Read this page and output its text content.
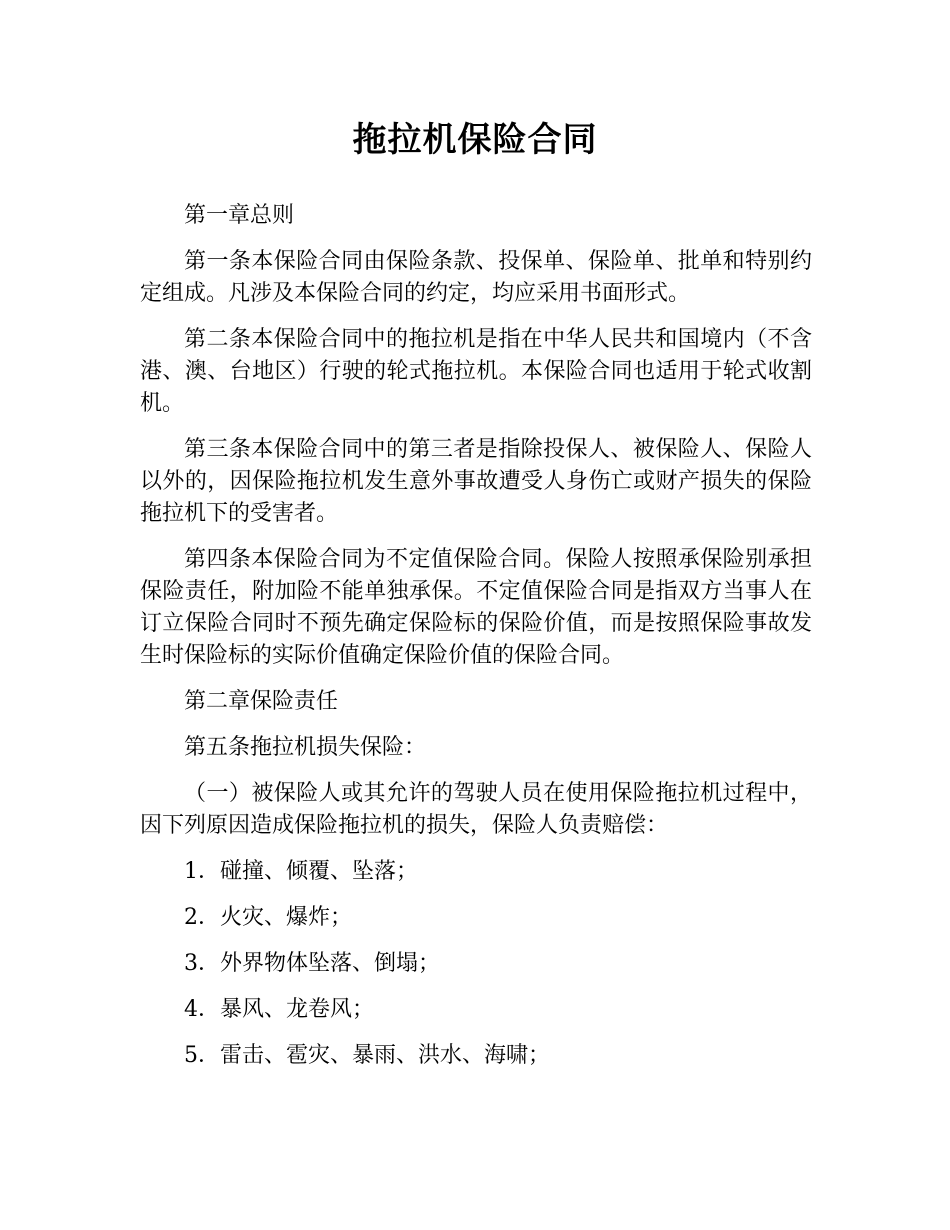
拖拉机保险合同

第一章总则

第一条本保险合同由保险条款、投保单、保险单、批单和特别约定组成。凡涉及本保险合同的约定，均应采用书面形式。

第二条本保险合同中的拖拉机是指在中华人民共和国境内（不含港、澳、台地区）行驶的轮式拖拉机。本保险合同也适用于轮式收割机。

第三条本保险合同中的第三者是指除投保人、被保险人、保险人以外的，因保险拖拉机发生意外事故遭受人身伤亡或财产损失的保险拖拉机下的受害者。

第四条本保险合同为不定值保险合同。保险人按照承保险别承担保险责任，附加险不能单独承保。不定值保险合同是指双方当事人在订立保险合同时不预先确定保险标的保险价值，而是按照保险事故发生时保险标的实际价值确定保险价值的保险合同。

第二章保险责任

第五条拖拉机损失保险：

（一）被保险人或其允许的驾驶人员在使用保险拖拉机过程中，因下列原因造成保险拖拉机的损失，保险人负责赔偿：

1．碰撞、倾覆、坠落；

2．火灾、爆炸；

3．外界物体坠落、倒塌；

4．暴风、龙卷风；

5．雷击、雹灾、暴雨、洪水、海啸；
